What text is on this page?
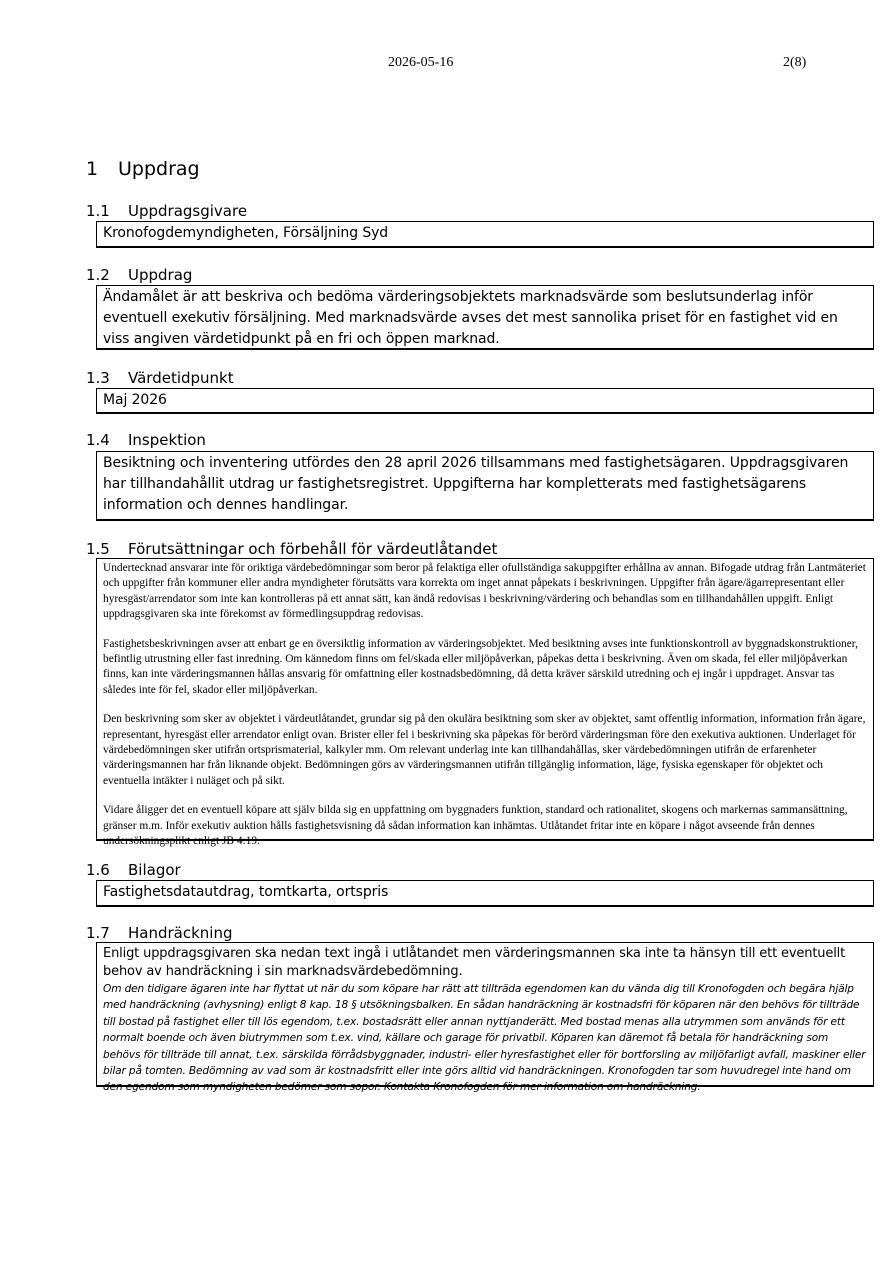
2026-05-16	2(8)
1 Uppdrag
1.1 Uppdragsgivare
Kronofogdemyndigheten, Försäljning Syd
1.2 Uppdrag
Ändamålet är att beskriva och bedöma värderingsobjektets marknadsvärde som beslutsunderlag inför eventuell exekutiv försäljning. Med marknadsvärde avses det mest sannolika priset för en fastighet vid en viss angiven värdetidpunkt på en fri och öppen marknad.
1.3 Värdetidpunkt
Maj 2026
1.4 Inspektion
Besiktning och inventering utfördes den 28 april 2026 tillsammans med fastighetsägaren. Uppdragsgivaren har tillhandahållit utdrag ur fastighetsregistret. Uppgifterna har kompletterats med fastighetsägarens information och dennes handlingar.
1.5 Förutsättningar och förbehåll för värdeutlåtandet

Undertecknad ansvarar inte för oriktiga värdebedömningar som beror på felaktiga eller ofullständiga sakuppgifter erhållna av annan. Bifogade utdrag från Lantmäteriet och uppgifter från kommuner eller andra myndigheter förutsätts vara korrekta om inget annat påpekats i beskrivningen. Uppgifter från ägare/ägarrepresentant eller hyresgäst/arrendator som inte kan kontrolleras på ett annat sätt, kan ändå redovisas i beskrivning/värdering och behandlas som en tillhandahållen uppgift. Enligt uppdragsgivaren ska inte förekomst av förmedlingsuppdrag redovisas.

Fastighetsbeskrivningen avser att enbart ge en översiktlig information av värderingsobjektet. Med besiktning avses inte funktionskontroll av byggnadskonstruktioner, befintlig utrustning eller fast inredning. Om kännedom finns om fel/skada eller miljöpåverkan, påpekas detta i beskrivning. Även om skada, fel eller miljöpåverkan finns, kan inte värderingsmannen hållas ansvarig för omfattning eller kostnadsbedömning, då detta kräver särskild utredning och ej ingår i uppdraget. Ansvar tas således inte för fel, skador eller miljöpåverkan.

Den beskrivning som sker av objektet i värdeutlåtandet, grundar sig på den okulära besiktning som sker av objektet, samt offentlig information, information från ägare, representant, hyresgäst eller arrendator enligt ovan. Brister eller fel i beskrivning ska påpekas för berörd värderingsman före den exekutiva auktionen. Underlaget för värdebedömningen sker utifrån ortsprismaterial, kalkyler mm. Om relevant underlag inte kan tillhandahållas, sker värdebedömningen utifrån de erfarenheter värderingsmannen har från liknande objekt. Bedömningen görs av värderingsmannen utifrån tillgänglig information, läge, fysiska egenskaper för objektet och eventuella intäkter i nuläget och på sikt.

Vidare åligger det en eventuell köpare att själv bilda sig en uppfattning om byggnaders funktion, standard och rationalitet, skogens och markernas sammansättning, gränser m.m. Inför exekutiv auktion hålls fastighetsvisning då sådan information kan inhämtas. Utlåtandet fritar inte en köpare i något avseende från dennes undersökningsplikt enligt JB 4:19.

1.6 Bilagor
Fastighetsdatautdrag, tomtkarta, ortspris
1.7 Handräckning
Enligt uppdragsgivaren ska nedan text ingå i utlåtandet men värderingsmannen ska inte ta hänsyn till ett eventuellt behov av handräckning i sin marknadsvärdebedömning.
Om den tidigare ägaren inte har flyttat ut när du som köpare har rätt att tillträda egendomen kan du vända dig till Kronofogden och begära hjälp med handräckning (avhysning) enligt 8 kap. 18 § utsökningsbalken. En sådan handräckning är kostnadsfri för köparen när den behövs för tillträde till bostad på fastighet eller till lös egendom, t.ex. bostadsrätt eller annan nyttjanderätt. Med bostad menas alla utrymmen som används för ett normalt boende och även biutrymmen som t.ex. vind, källare och garage för privatbil. Köparen kan däremot få betala för handräckning som behövs för tillträde till annat, t.ex. särskilda förrådsbyggnader, industri- eller hyresfastighet eller för bortforsling av miljöfarligt avfall, maskiner eller bilar på tomten. Bedömning av vad som är kostnadsfritt eller inte görs alltid vid handräckningen. Kronofogden tar som huvudregel inte hand om den egendom som myndigheten bedömer som sopor. Kontakta Kronofogden för mer information om handräckning.
